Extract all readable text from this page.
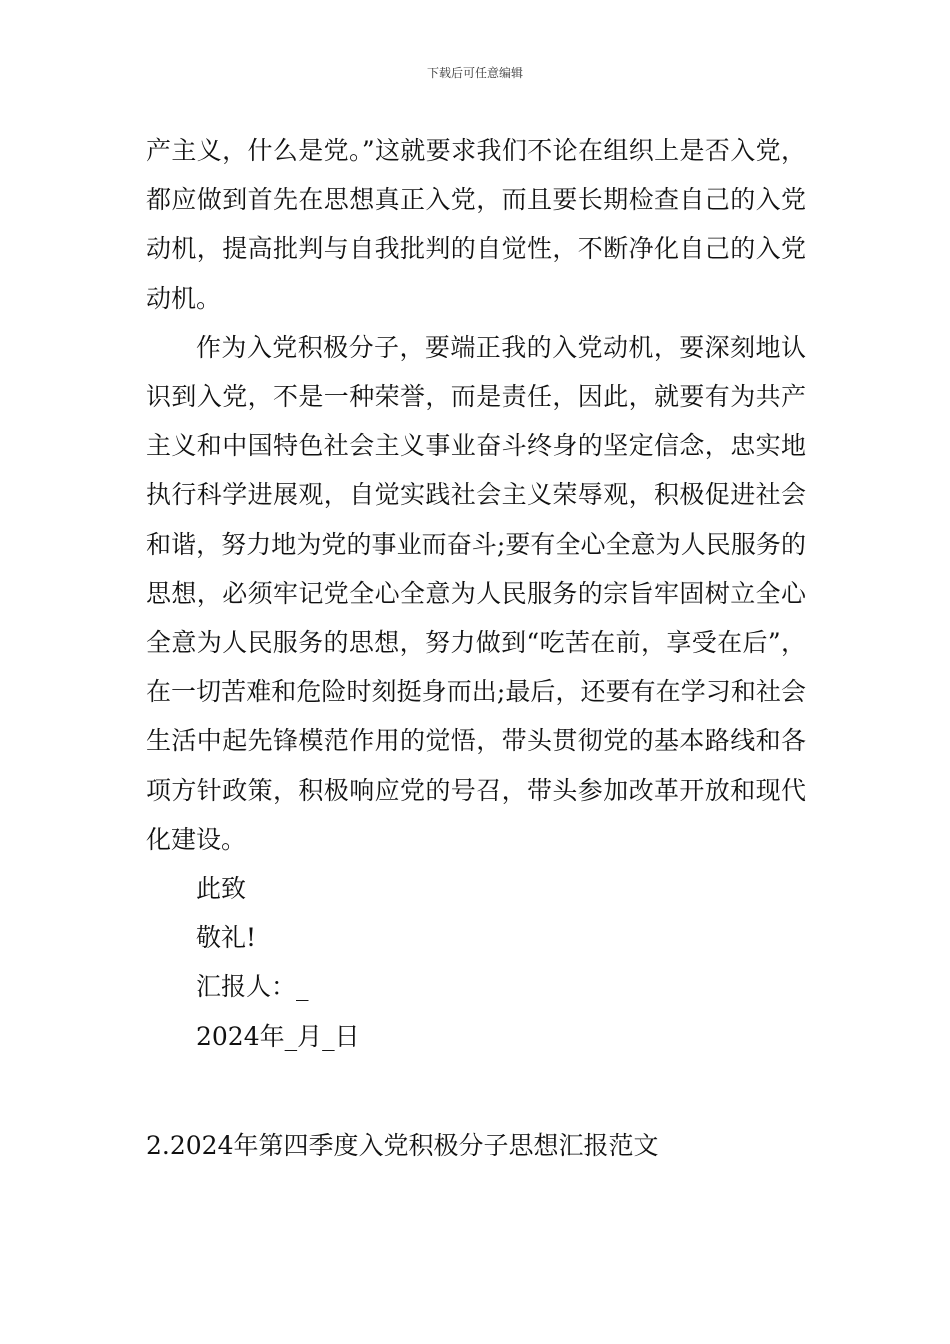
下载后可任意编辑

产主义，什么是党。”这就要求我们不论在组织上是否入党，都应做到首先在思想真正入党，而且要长期检查自己的入党动机，提高批判与自我批判的自觉性，不断净化自己的入党动机。

作为入党积极分子，要端正我的入党动机，要深刻地认识到入党，不是一种荣誉，而是责任，因此，就要有为共产主义和中国特色社会主义事业奋斗终身的坚定信念，忠实地执行科学进展观，自觉实践社会主义荣辱观，积极促进社会和谐，努力地为党的事业而奋斗;要有全心全意为人民服务的思想，必须牢记党全心全意为人民服务的宗旨牢固树立全心全意为人民服务的思想，努力做到“吃苦在前，享受在后”，在一切苦难和危险时刻挺身而出;最后，还要有在学习和社会生活中起先锋模范作用的觉悟，带头贯彻党的基本路线和各项方针政策，积极响应党的号召，带头参加改革开放和现代化建设。

此致

敬礼!

汇报人：_

2024年_月_日

2.2024年第四季度入党积极分子思想汇报范文
